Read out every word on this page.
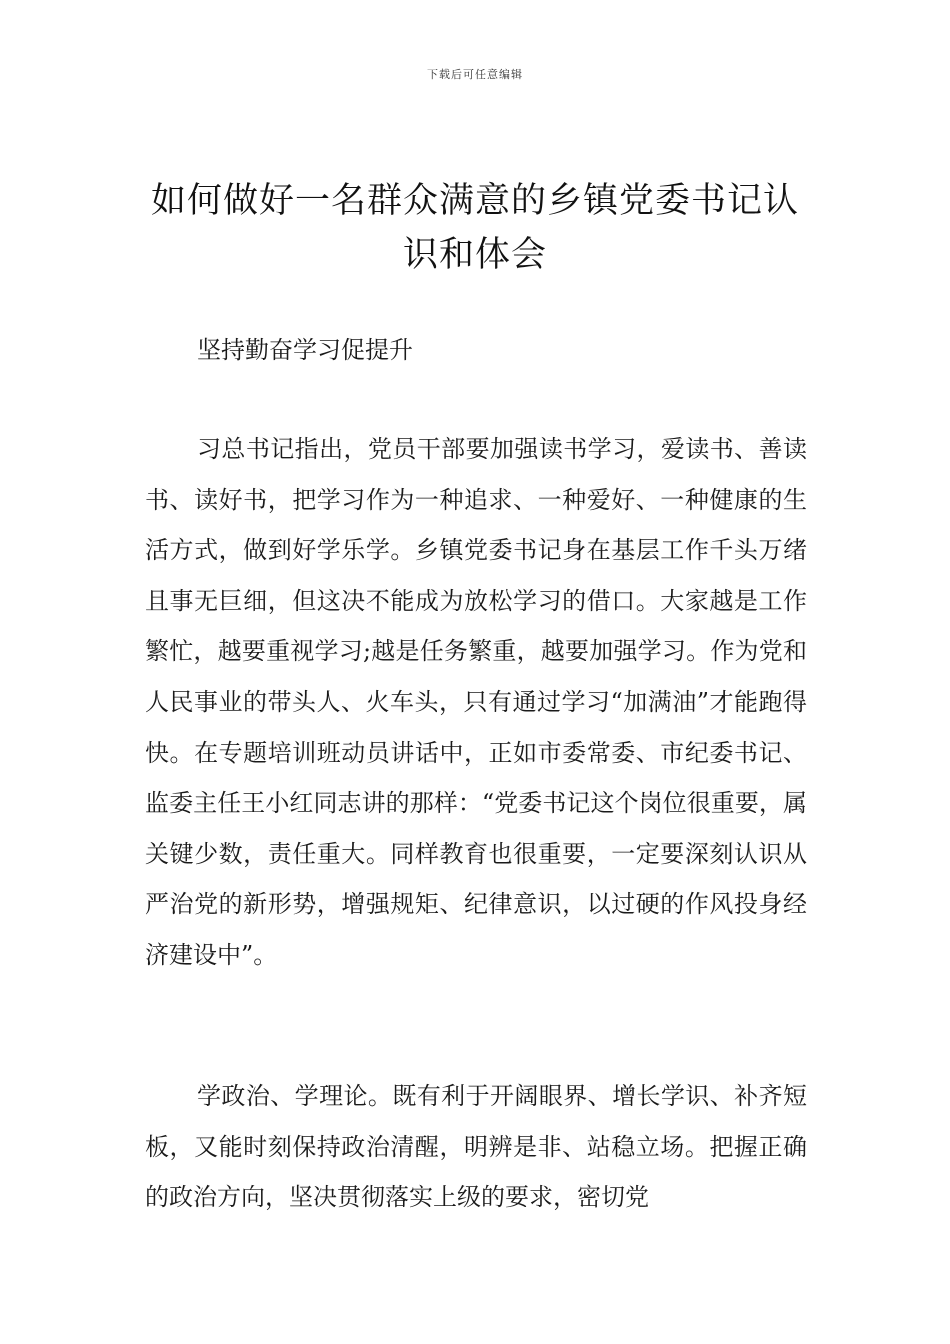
下载后可任意编辑
如何做好一名群众满意的乡镇党委书记认识和体会

坚持勤奋学习促提升

习总书记指出，党员干部要加强读书学习，爱读书、善读书、读好书，把学习作为一种追求、一种爱好、一种健康的生活方式，做到好学乐学。乡镇党委书记身在基层工作千头万绪且事无巨细，但这决不能成为放松学习的借口。大家越是工作繁忙，越要重视学习;越是任务繁重，越要加强学习。作为党和人民事业的带头人、火车头，只有通过学习“加满油”才能跑得快。在专题培训班动员讲话中，正如市委常委、市纪委书记、监委主任王小红同志讲的那样：“党委书记这个岗位很重要，属关键少数，责任重大。同样教育也很重要，一定要深刻认识从严治党的新形势，增强规矩、纪律意识，以过硬的作风投身经济建设中”。

学政治、学理论。既有利于开阔眼界、增长学识、补齐短板，又能时刻保持政治清醒，明辨是非、站稳立场。把握正确的政治方向，坚决贯彻落实上级的要求，密切党
